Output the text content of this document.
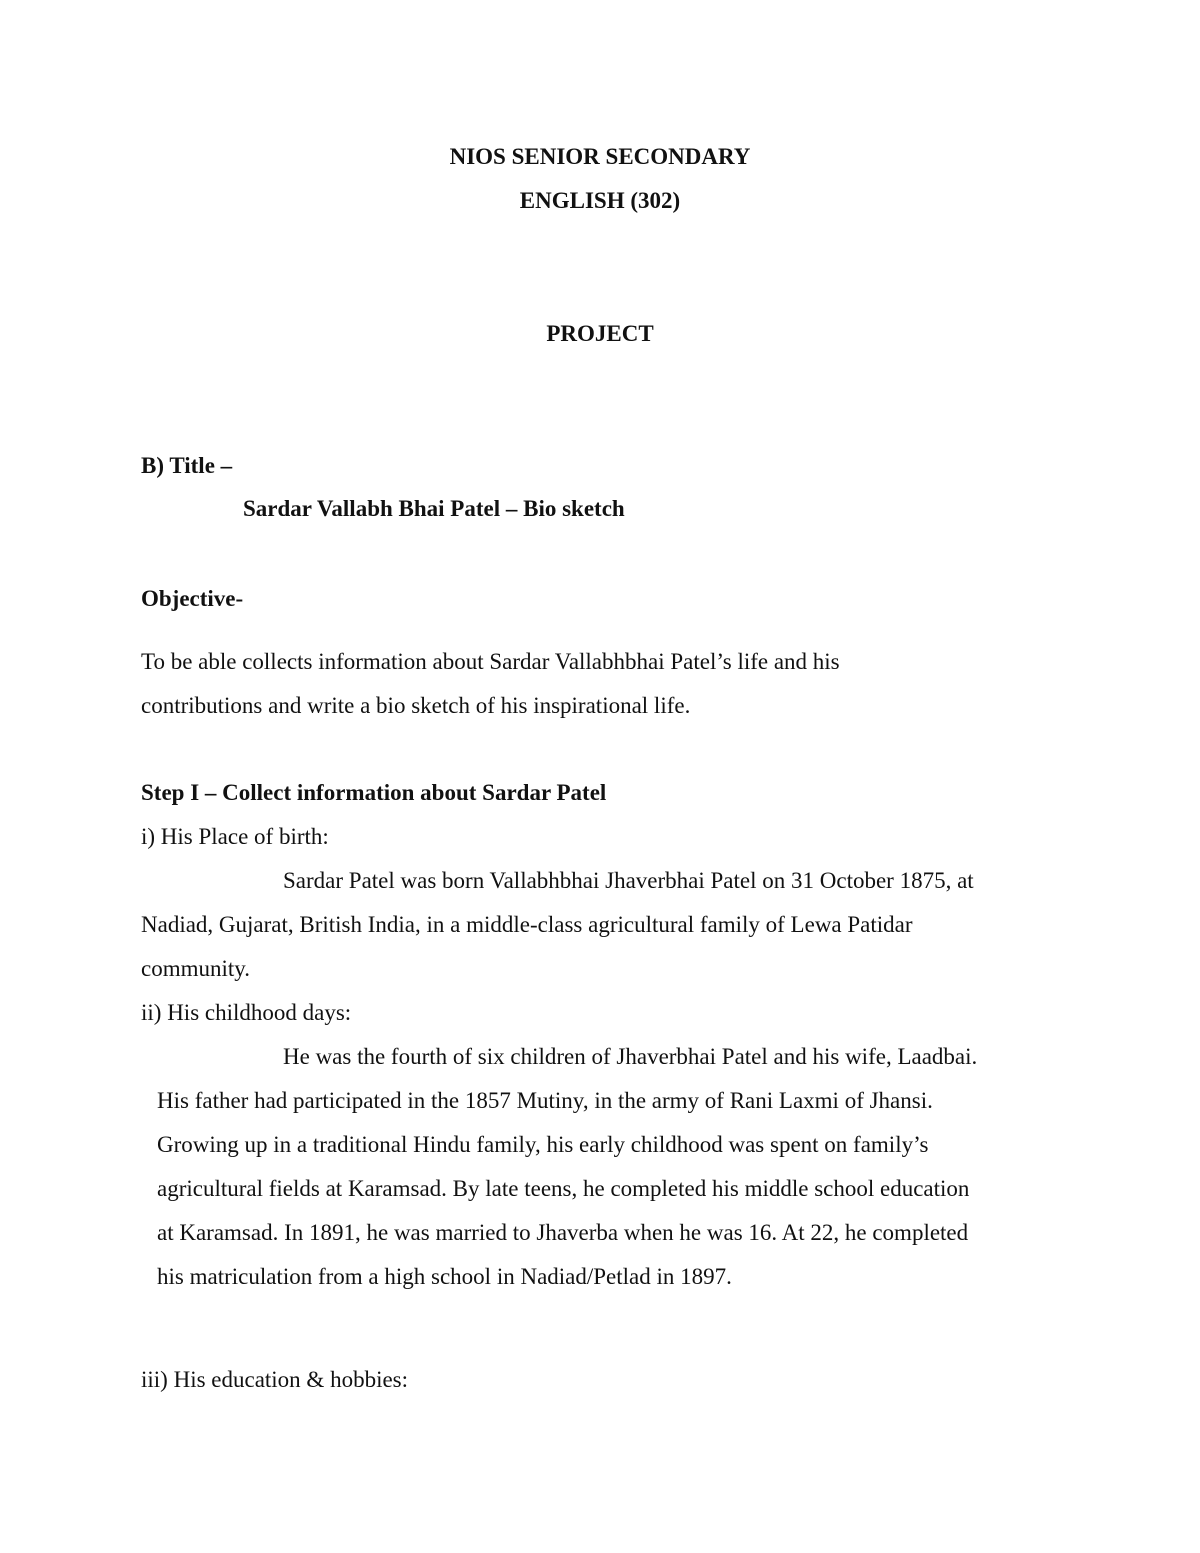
NIOS SENIOR SECONDARY

ENGLISH (302)

PROJECT

B) Title –

Sardar Vallabh Bhai Patel – Bio sketch

Objective-

To be able collects information about Sardar Vallabhbhai Patel’s life and his

contributions and write a bio sketch of his inspirational life.

Step I – Collect information about Sardar Patel

i) His Place of birth:

Sardar Patel was born Vallabhbhai Jhaverbhai Patel on 31 October 1875, at

Nadiad, Gujarat, British India, in a middle-class agricultural family of Lewa Patidar

community.

ii) His childhood days:

He was the fourth of six children of Jhaverbhai Patel and his wife, Laadbai.

His father had participated in the 1857 Mutiny, in the army of Rani Laxmi of Jhansi.

Growing up in a traditional Hindu family, his early childhood was spent on family’s

agricultural fields at Karamsad. By late teens, he completed his middle school education

at Karamsad. In 1891, he was married to Jhaverba when he was 16. At 22, he completed

his matriculation from a high school in Nadiad/Petlad in 1897.

iii) His education & hobbies:
